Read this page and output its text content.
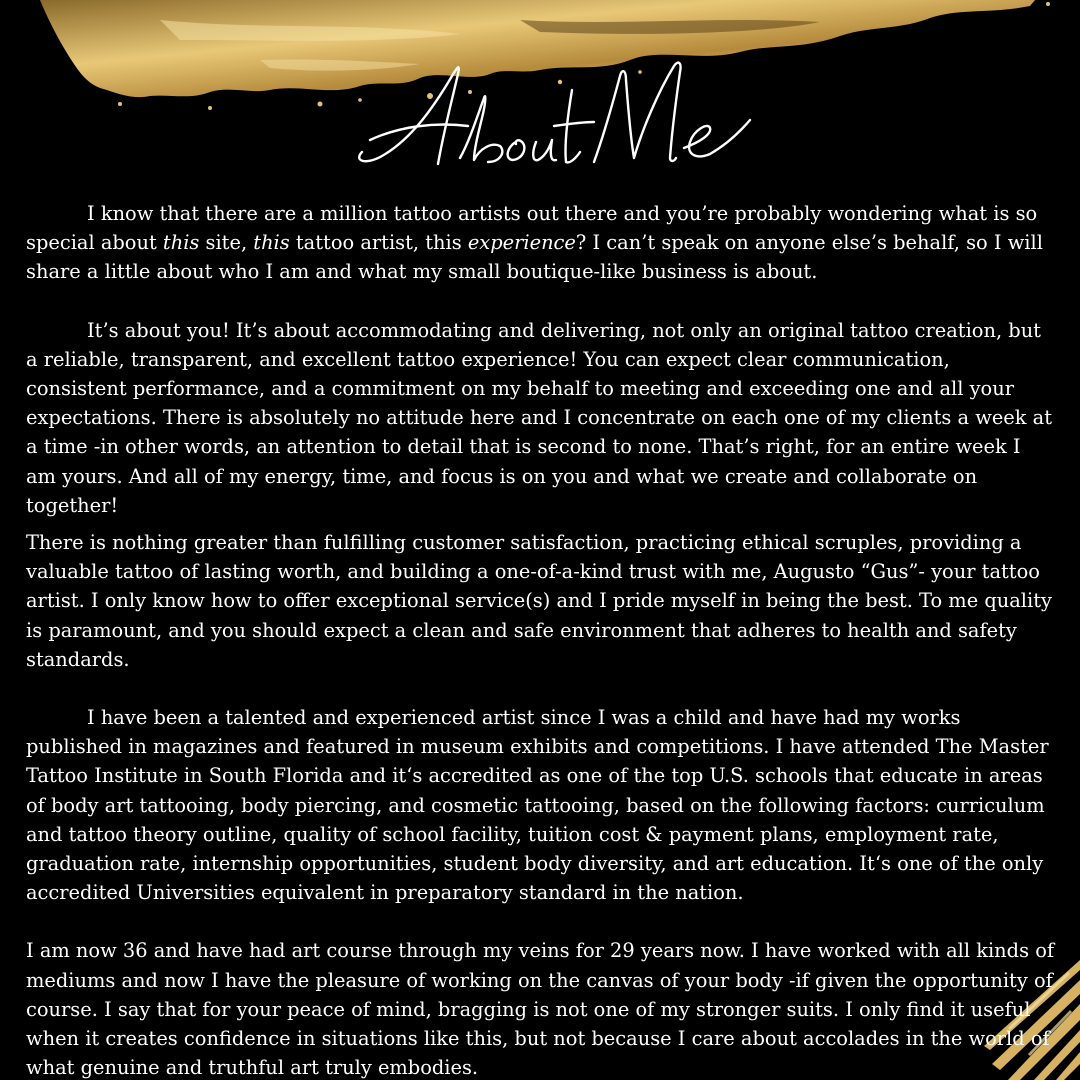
I know that there are a million tattoo artists out there and you’re probably wondering what is so special about this site, this tattoo artist, this experience? I can’t speak on anyone else’s behalf, so I will share a little about who I am and what my small boutique-like business is about.

It’s about you! It’s about accommodating and delivering, not only an original tattoo creation, but a reliable, transparent, and excellent tattoo experience! You can expect clear communication, consistent performance, and a commitment on my behalf to meeting and exceeding one and all your expectations. There is absolutely no attitude here and I concentrate on each one of my clients a week at a time -in other words, an attention to detail that is second to none. That’s right, for an entire week I am yours. And all of my energy, time, and focus is on you and what we create and collaborate on together!

There is nothing greater than fulfilling customer satisfaction, practicing ethical scruples, providing a valuable tattoo of lasting worth, and building a one-of-a-kind trust with me, Augusto “Gus”- your tattoo artist. I only know how to offer exceptional service(s) and I pride myself in being the best. To me quality is paramount, and you should expect a clean and safe environment that adheres to health and safety standards.

I have been a talented and experienced artist since I was a child and have had my works published in magazines and featured in museum exhibits and competitions. I have attended The Master Tattoo Institute in South Florida and it‘s accredited as one of the top U.S. schools that educate in areas of body art tattooing, body piercing, and cosmetic tattooing, based on the following factors: curriculum and tattoo theory outline, quality of school facility, tuition cost & payment plans, employment rate, graduation rate, internship opportunities, student body diversity, and art education. It‘s one of the only accredited Universities equivalent in preparatory standard in the nation.

I am now 36 and have had art course through my veins for 29 years now. I have worked with all kinds of mediums and now I have the pleasure of working on the canvas of your body -if given the opportunity of course. I say that for your peace of mind, bragging is not one of my stronger suits. I only find it useful when it creates confidence in situations like this, but not because I care about accolades in the world of what genuine and truthful art truly embodies.
